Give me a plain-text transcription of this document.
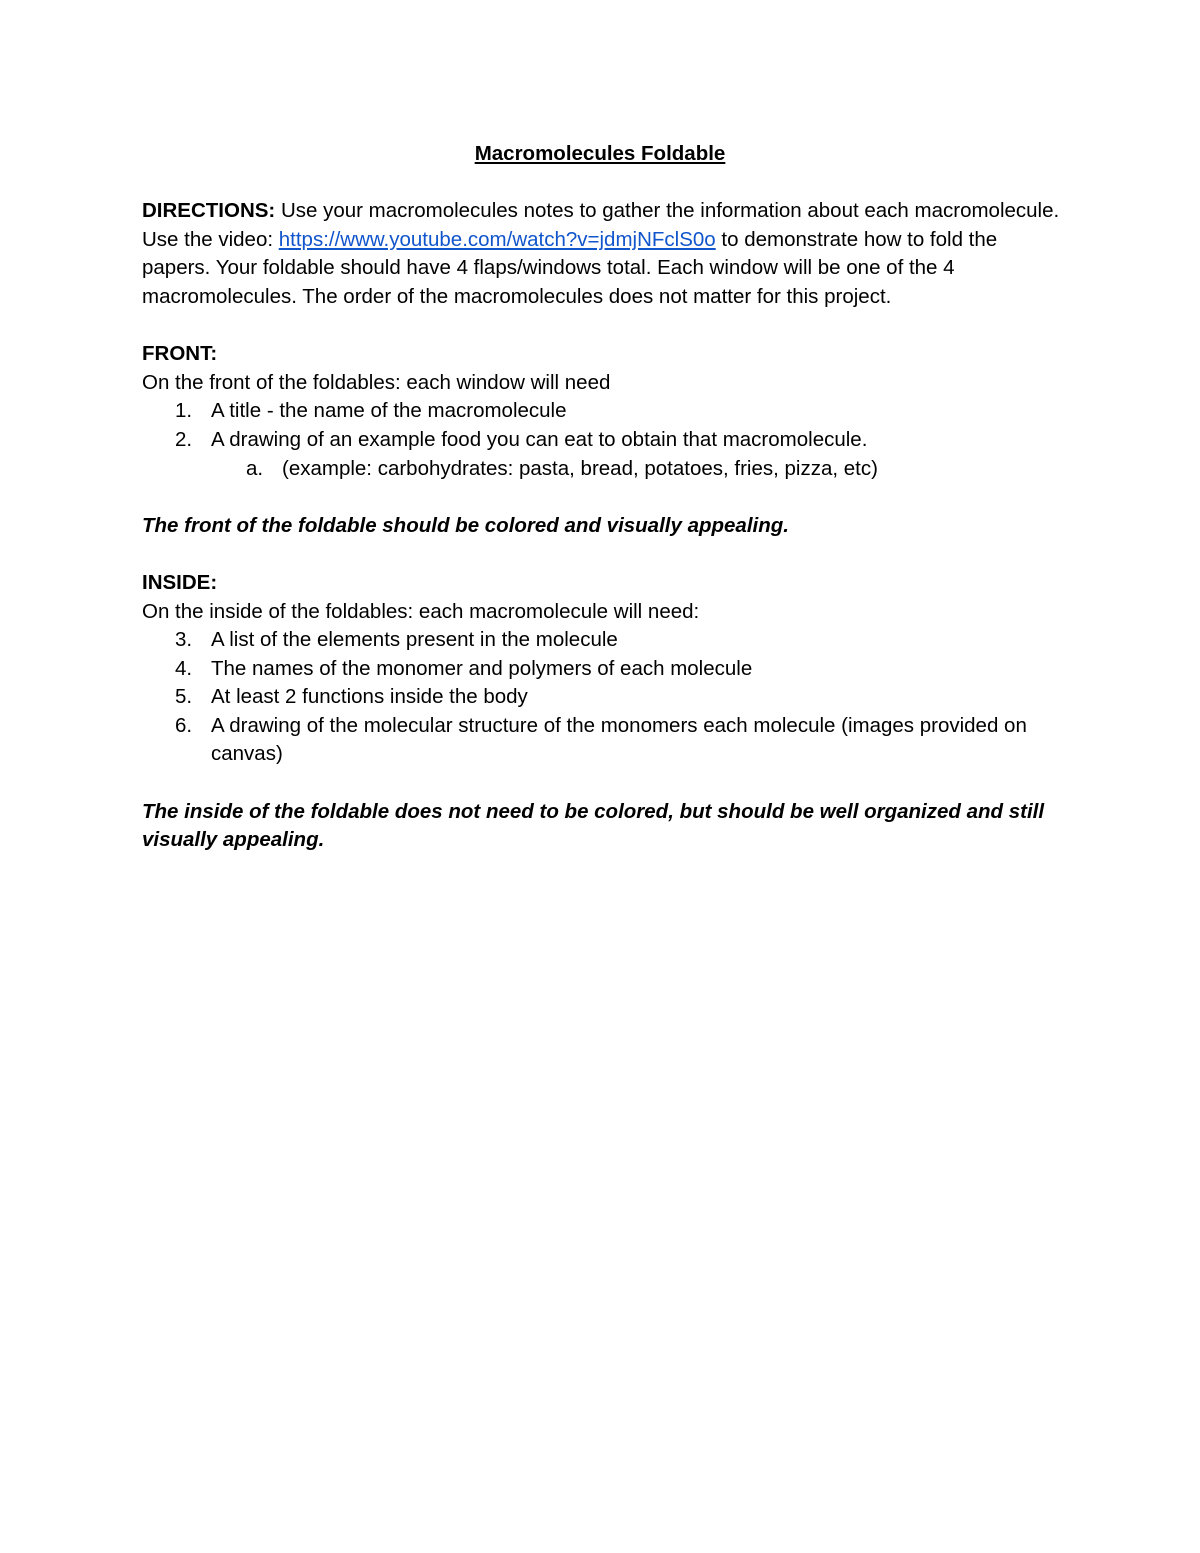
Macromolecules Foldable

DIRECTIONS: Use your macromolecules notes to gather the information about each macromolecule. Use the video: https://www.youtube.com/watch?v=jdmjNFclS0o to demonstrate how to fold the papers. Your foldable should have 4 flaps/windows total. Each window will be one of the 4 macromolecules. The order of the macromolecules does not matter for this project.

FRONT:

On the front of the foldables: each window will need

1. A title - the name of the macromolecule
2. A drawing of an example food you can eat to obtain that macromolecule.
a. (example: carbohydrates: pasta, bread, potatoes, fries, pizza, etc)

The front of the foldable should be colored and visually appealing.

INSIDE:

On the inside of the foldables: each macromolecule will need:

3. A list of the elements present in the molecule
4. The names of the monomer and polymers of each molecule
5. At least 2 functions inside the body
6. A drawing of the molecular structure of the monomers each molecule (images provided on canvas)

The inside of the foldable does not need to be colored, but should be well organized and still visually appealing.
